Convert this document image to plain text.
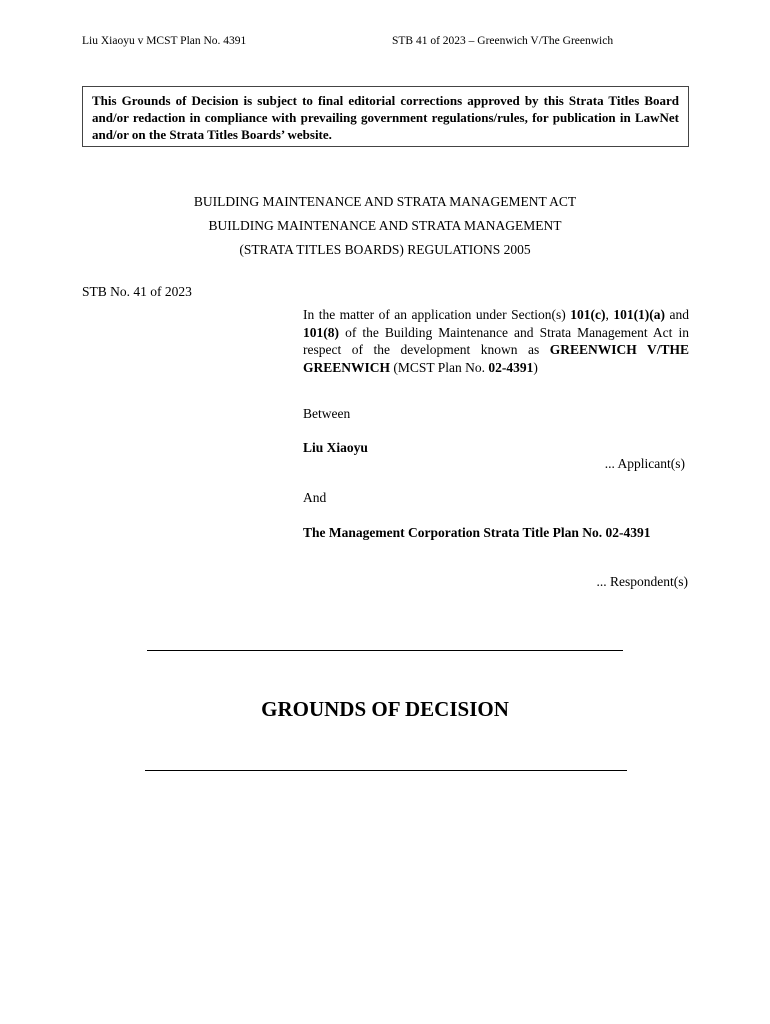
Liu Xiaoyu v MCST Plan No. 4391	STB 41 of 2023 – Greenwich V/The Greenwich
This Grounds of Decision is subject to final editorial corrections approved by this Strata Titles Board and/or redaction in compliance with prevailing government regulations/rules, for publication in LawNet and/or on the Strata Titles Boards’ website.
BUILDING MAINTENANCE AND STRATA MANAGEMENT ACT
BUILDING MAINTENANCE AND STRATA MANAGEMENT
(STRATA TITLES BOARDS) REGULATIONS 2005
STB No. 41 of 2023
In the matter of an application under Section(s) 101(c), 101(1)(a) and 101(8) of the Building Maintenance and Strata Management Act in respect of the development known as GREENWICH V/THE GREENWICH (MCST Plan No. 02-4391)
Between
Liu Xiaoyu
... Applicant(s)
And
The Management Corporation Strata Title Plan No. 02-4391
... Respondent(s)
GROUNDS OF DECISION
